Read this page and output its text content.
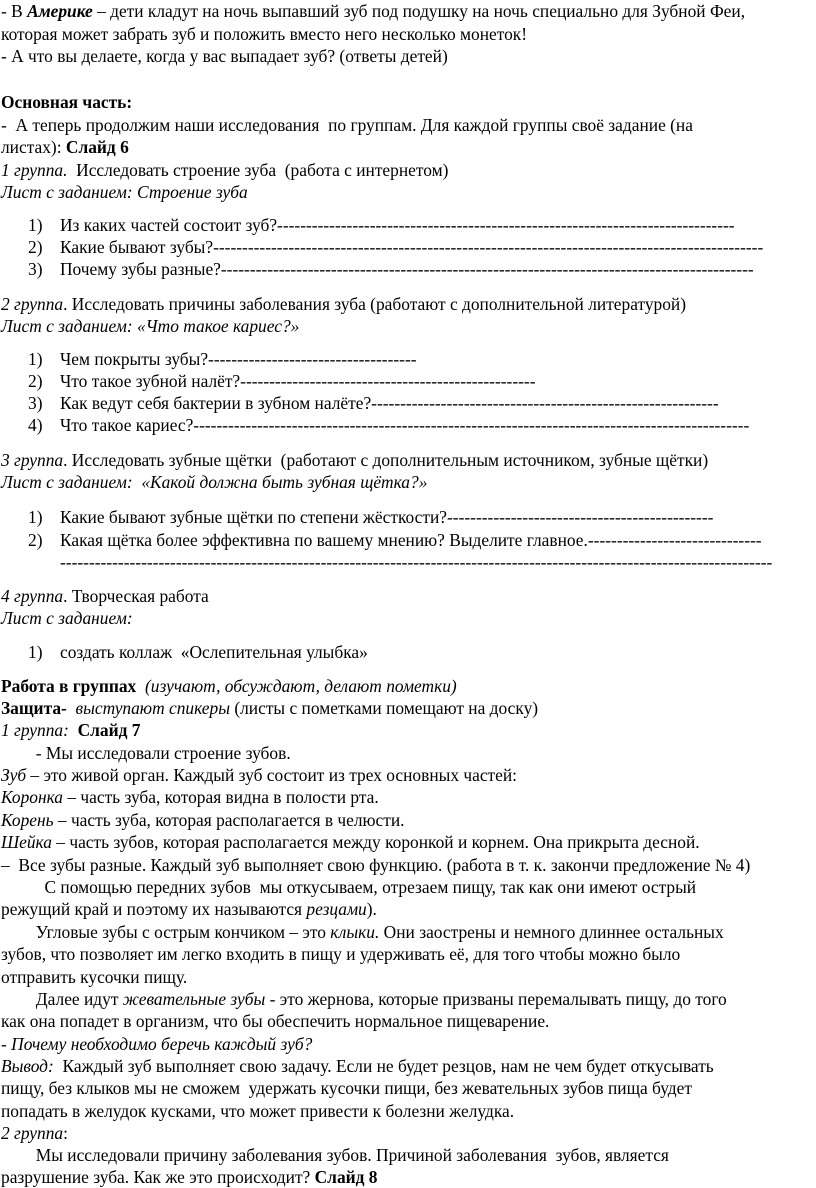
- В Америке – дети кладут на ночь выпавший зуб под подушку на ночь специально для Зубной Феи,
которая может забрать зуб и положить вместо него несколько монеток!
- А что вы делаете, когда у вас выпадает зуб? (ответы детей)
Основная часть:
-  А теперь продолжим наши исследования  по группам. Для каждой группы своё задание (на
листах): Слайд 6
1 группа.  Исследовать строение зуба  (работа с интернетом)
Лист с заданием: Строение зуба
1) Из каких частей состоит зуб?-------------------------------------------------------------------------------
2) Какие бывают зубы?-----------------------------------------------------------------------------------------------
3) Почему зубы разные?--------------------------------------------------------------------------------------------
2 группа. Исследовать причины заболевания зуба (работают с дополнительной литературой)
Лист с заданием: «Что такое кариес?»
1) Чем покрыты зубы?------------------------------------
2) Что такое зубной налёт?---------------------------------------------------
3) Как ведут себя бактерии в зубном налёте?------------------------------------------------------------
4) Что такое кариес?------------------------------------------------------------------------------------------------
3 группа. Исследовать зубные щётки  (работают с дополнительным источником, зубные щётки)
Лист с заданием:  «Какой должна быть зубная щётка?»
1) Какие бывают зубные щётки по степени жёсткости?----------------------------------------------
2) Какая щётка более эффективна по вашему мнению? Выделите главное.------------------------------
---------------------------------------------------------------------------------------------------------------------------
4 группа. Творческая работа
Лист с заданием:
1) создать коллаж  «Ослепительная улыбка»
Работа в группах  (изучают, обсуждают, делают пометки)
Защита-  выступают спикеры (листы с пометками помещают на доску)
1 группа:  Слайд 7
- Мы исследовали строение зубов.
Зуб – это живой орган. Каждый зуб состоит из трех основных частей:
Коронка – часть зуба, которая видна в полости рта.
Корень – часть зуба, которая располагается в челюсти.
Шейка – часть зубов, которая располагается между коронкой и корнем. Она прикрыта десной.
–  Все зубы разные. Каждый зуб выполняет свою функцию. (работа в т. к. закончи предложение № 4)
С помощью передних зубов  мы откусываем, отрезаем пищу, так как они имеют острый
режущий край и поэтому их называются резцами).
Угловые зубы с острым кончиком – это клыки. Они заострены и немного длиннее остальных
зубов, что позволяет им легко входить в пищу и удерживать её, для того чтобы можно было
отправить кусочки пищу.
Далее идут жевательные зубы - это жернова, которые призваны перемалывать пищу, до того
как она попадет в организм, что бы обеспечить нормальное пищеварение.
- Почему необходимо беречь каждый зуб?
Вывод:  Каждый зуб выполняет свою задачу. Если не будет резцов, нам не чем будет откусывать
пищу, без клыков мы не сможем  удержать кусочки пищи, без жевательных зубов пища будет
попадать в желудок кусками, что может привести к болезни желудка.
2 группа:
Мы исследовали причину заболевания зубов. Причиной заболевания  зубов, является
разрушение зуба. Как же это происходит? Слайд 8
